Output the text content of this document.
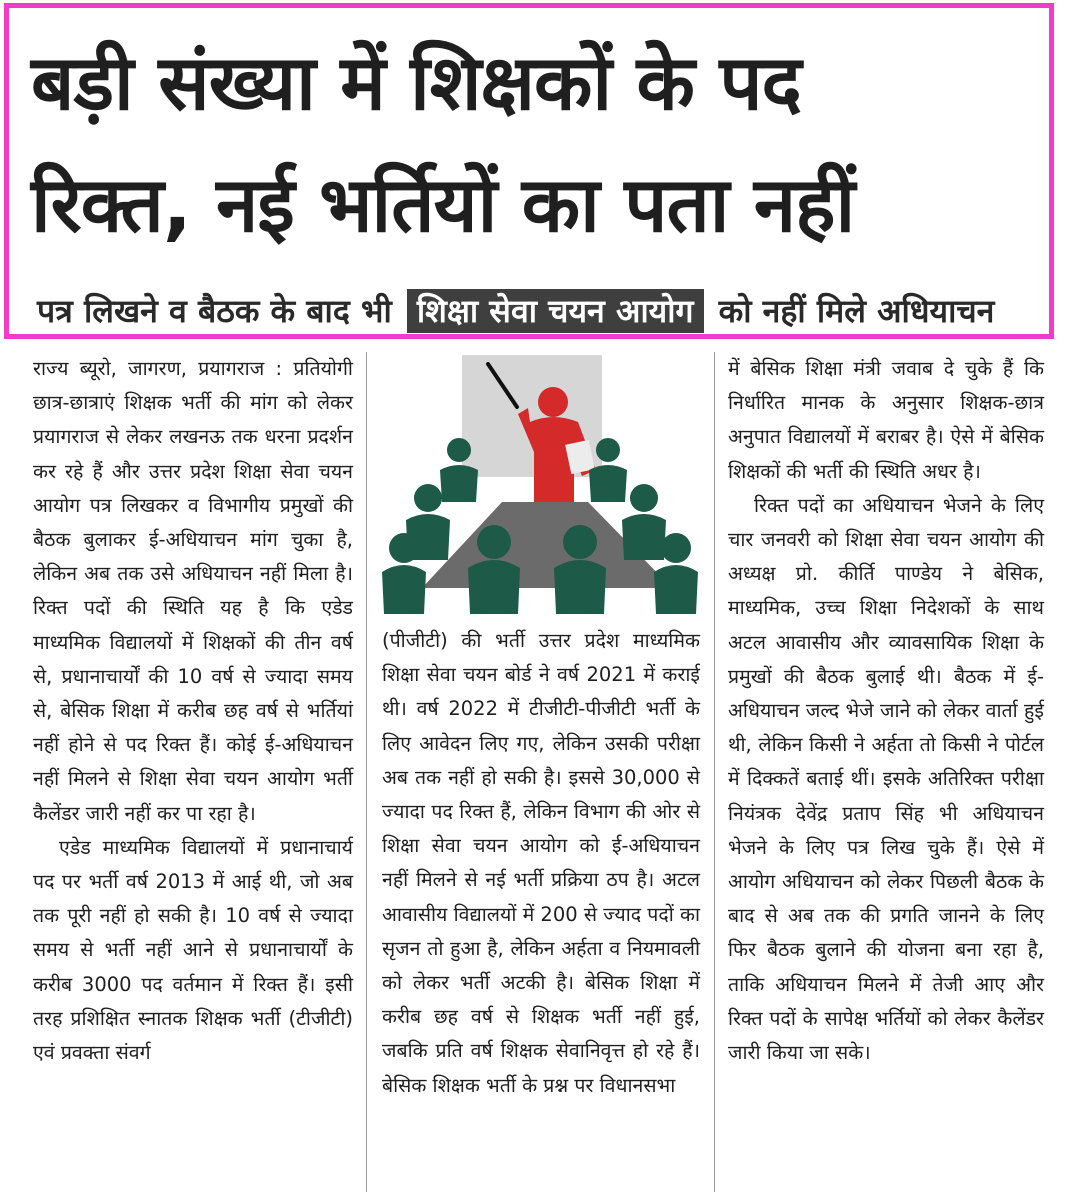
बड़ी संख्या में शिक्षकों के पद
रिक्त, नई भर्तियों का पता नहीं
पत्र लिखने व बैठक के बाद भी शिक्षा सेवा चयन आयोग को नहीं मिले अधियाचन

राज्य ब्यूरो, जागरण, प्रयागराज : प्रतियोगी छात्र-छात्राएं शिक्षक भर्ती की मांग को लेकर प्रयागराज से लेकर लखनऊ तक धरना प्रदर्शन कर रहे हैं और उत्तर प्रदेश शिक्षा सेवा चयन आयोग पत्र लिखकर व विभागीय प्रमुखों की बैठक बुलाकर ई-अधियाचन मांग चुका है, लेकिन अब तक उसे अधियाचन नहीं मिला है। रिक्त पदों की स्थिति यह है कि एडेड माध्यमिक विद्यालयों में शिक्षकों की तीन वर्ष से, प्रधानाचार्यों की 10 वर्ष से ज्यादा समय से, बेसिक शिक्षा में करीब छह वर्ष से भर्तियां नहीं होने से पद रिक्त हैं। कोई ई-अधियाचन नहीं मिलने से शिक्षा सेवा चयन आयोग भर्ती कैलेंडर जारी नहीं कर पा रहा है।

एडेड माध्यमिक विद्यालयों में प्रधानाचार्य पद पर भर्ती वर्ष 2013 में आई थी, जो अब तक पूरी नहीं हो सकी है। 10 वर्ष से ज्यादा समय से भर्ती नहीं आने से प्रधानाचार्यों के करीब 3000 पद वर्तमान में रिक्त हैं। इसी तरह प्रशिक्षित स्नातक शिक्षक भर्ती (टीजीटी) एवं प्रवक्ता संवर्ग

(पीजीटी) की भर्ती उत्तर प्रदेश माध्यमिक शिक्षा सेवा चयन बोर्ड ने वर्ष 2021 में कराई थी। वर्ष 2022 में टीजीटी-पीजीटी भर्ती के लिए आवेदन लिए गए, लेकिन उसकी परीक्षा अब तक नहीं हो सकी है। इससे 30,000 से ज्यादा पद रिक्त हैं, लेकिन विभाग की ओर से शिक्षा सेवा चयन आयोग को ई-अधियाचन नहीं मिलने से नई भर्ती प्रक्रिया ठप है। अटल आवासीय विद्यालयों में 200 से ज्याद पदों का सृजन तो हुआ है, लेकिन अर्हता व नियमावली को लेकर भर्ती अटकी है। बेसिक शिक्षा में करीब छह वर्ष से शिक्षक भर्ती नहीं हुई, जबकि प्रति वर्ष शिक्षक सेवानिवृत्त हो रहे हैं। बेसिक शिक्षक भर्ती के प्रश्न पर विधानसभा

में बेसिक शिक्षा मंत्री जवाब दे चुके हैं कि निर्धारित मानक के अनुसार शिक्षक-छात्र अनुपात विद्यालयों में बराबर है। ऐसे में बेसिक शिक्षकों की भर्ती की स्थिति अधर है।

रिक्त पदों का अधियाचन भेजने के लिए चार जनवरी को शिक्षा सेवा चयन आयोग की अध्यक्ष प्रो. कीर्ति पाण्डेय ने बेसिक, माध्यमिक, उच्च शिक्षा निदेशकों के साथ अटल आवासीय और व्यावसायिक शिक्षा के प्रमुखों की बैठक बुलाई थी। बैठक में ई-अधियाचन जल्द भेजे जाने को लेकर वार्ता हुई थी, लेकिन किसी ने अर्हता तो किसी ने पोर्टल में दिक्कतें बताई थीं। इसके अतिरिक्त परीक्षा नियंत्रक देवेंद्र प्रताप सिंह भी अधियाचन भेजने के लिए पत्र लिख चुके हैं। ऐसे में आयोग अधियाचन को लेकर पिछली बैठक के बाद से अब तक की प्रगति जानने के लिए फिर बैठक बुलाने की योजना बना रहा है, ताकि अधियाचन मिलने में तेजी आए और रिक्त पदों के सापेक्ष भर्तियों को लेकर कैलेंडर जारी किया जा सके।
